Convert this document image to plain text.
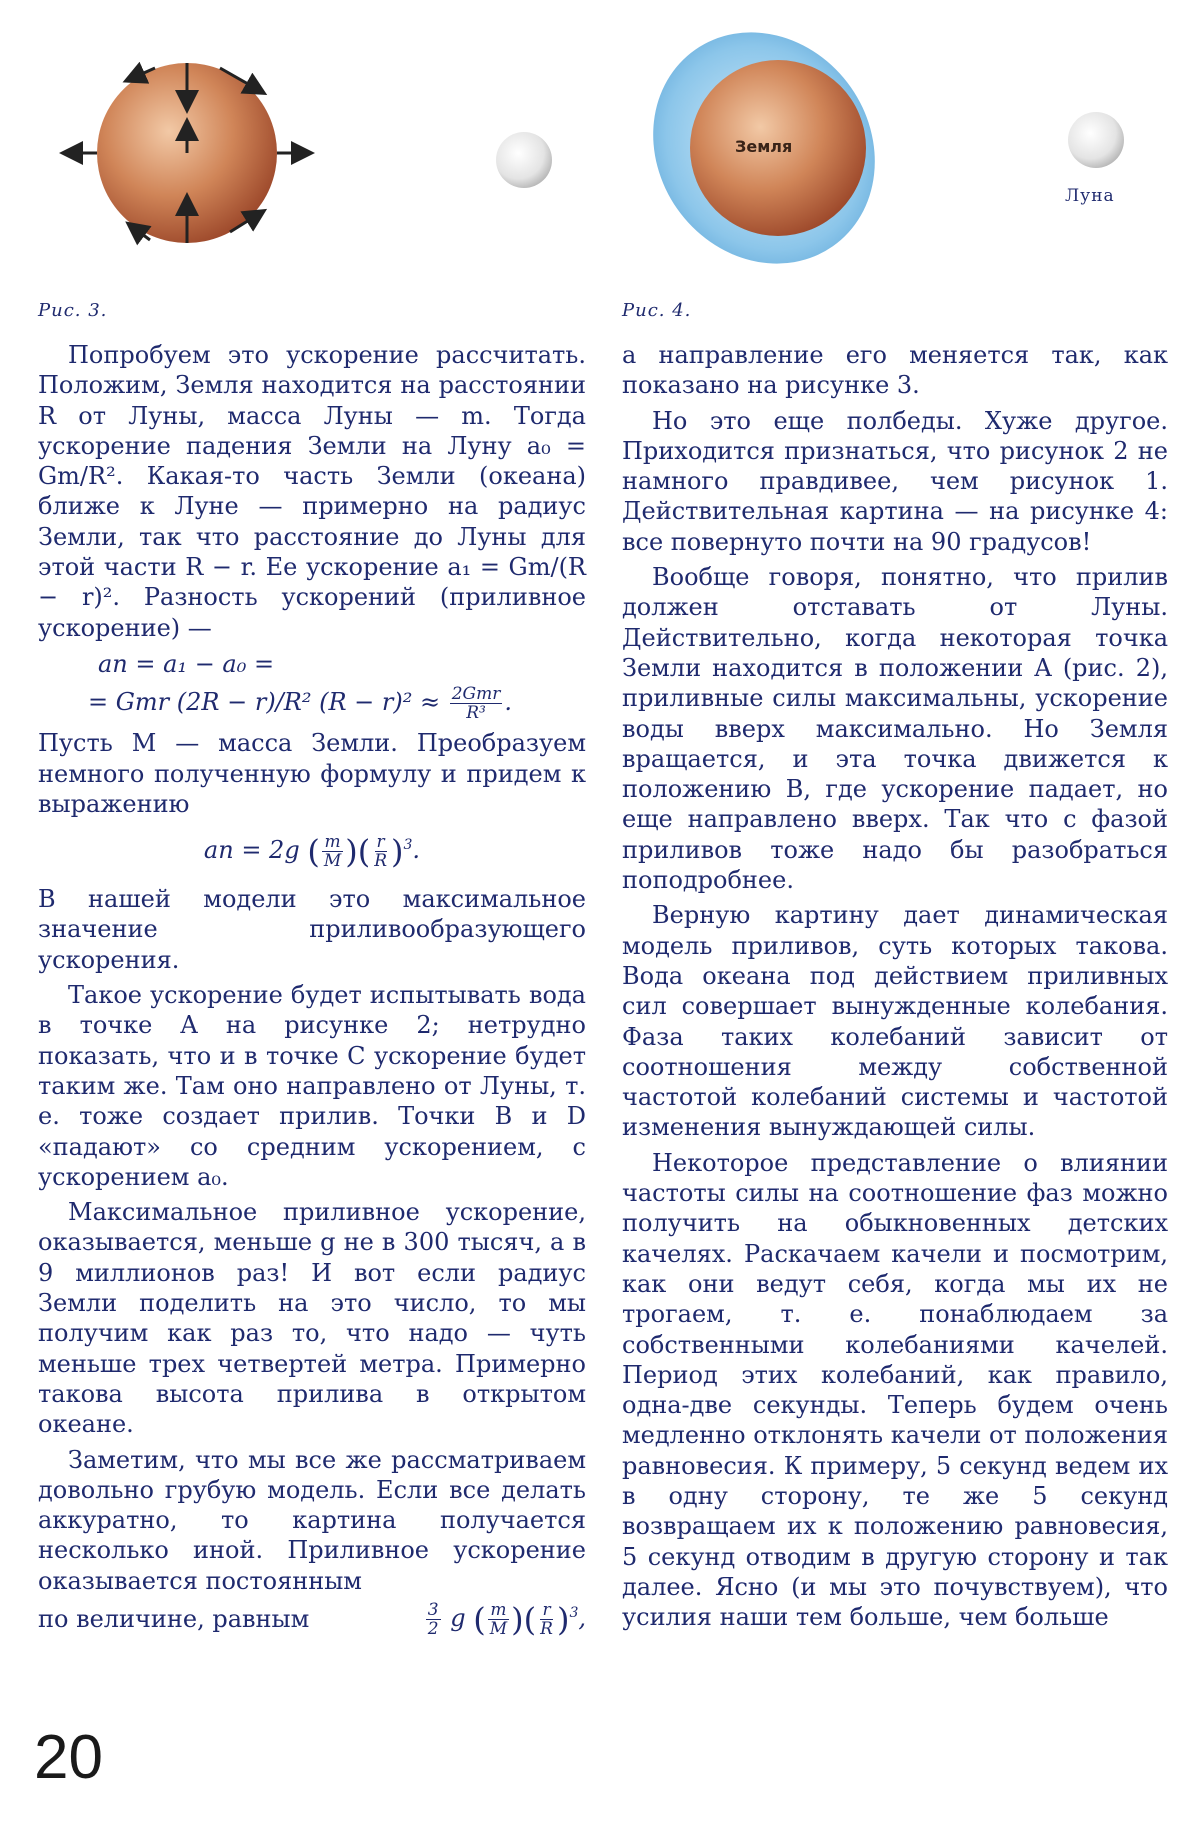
Земля
Луна
Рис. 3.	Рис. 4.

Попробуем это ускорение рассчитать. Положим, Земля находится на расстоянии R от Луны, масса Луны — m. Тогда ускорение падения Земли на Луну a₀ = Gm/R². Какая-то часть Земли (океана) ближе к Луне — примерно на радиус Земли, так что расстояние до Луны для этой части R − r. Ее ускорение a₁ = Gm/(R − r)². Разность ускорений (приливное ускорение) —

aп = a₁ − a₀ =
= Gmr (2R − r)/R² $(R - r)^2 \approx \frac{\text{2Gmr}}{\text{R³}}$ .

Пусть M — масса Земли. Преобразуем немного полученную формулу и придем к выражению

aп = 2g ( $\frac{m}{M}$ )( $\frac{r}{R} )^3$.

В нашей модели это максимальное значение приливообразующего ускорения.

Такое ускорение будет испытывать вода в точке A на рисунке 2; нетрудно показать, что и в точке C ускорение будет таким же. Там оно направлено от Луны, т. е. тоже создает прилив. Точки B и D «падают» со средним ускорением, с ускорением a₀.

Максимальное приливное ускорение, оказывается, меньше g не в 300 тысяч, а в 9 миллионов раз! И вот если радиус Земли поделить на это число, то мы получим как раз то, что надо — чуть меньше трех четвертей метра. Примерно такова высота прилива в открытом океане.

Заметим, что мы все же рассматриваем довольно грубую модель. Если все делать аккуратно, то картина получается несколько иной. Приливное ускорение оказывается постоянным

по величине, равным	$\frac{3}{2}$ g ( $\frac{m}{M}$ )( $\frac{r}{R} )^3$,

а направление его меняется так, как показано на рисунке 3.

Но это еще полбеды. Хуже другое. Приходится признаться, что рисунок 2 не намного правдивее, чем рисунок 1. Действительная картина — на рисунке 4: все повернуто почти на 90 градусов!

Вообще говоря, понятно, что прилив должен отставать от Луны. Действительно, когда некоторая точка Земли находится в положении A (рис. 2), приливные силы максимальны, ускорение воды вверх максимально. Но Земля вращается, и эта точка движется к положению B, где ускорение падает, но еще направлено вверх. Так что с фазой приливов тоже надо бы разобраться поподробнее.

Верную картину дает динамическая модель приливов, суть которых такова. Вода океана под действием приливных сил совершает вынужденные колебания. Фаза таких колебаний зависит от соотношения между собственной частотой колебаний системы и частотой изменения вынуждающей силы.

Некоторое представление о влиянии частоты силы на соотношение фаз можно получить на обыкновенных детских качелях. Раскачаем качели и посмотрим, как они ведут себя, когда мы их не трогаем, т. е. понаблюдаем за собственными колебаниями качелей. Период этих колебаний, как правило, одна-две секунды. Теперь будем очень медленно отклонять качели от положения равновесия. К примеру, 5 секунд ведем их в одну сторону, те же 5 секунд возвращаем их к положению равновесия, 5 секунд отводим в другую сторону и так далее. Ясно (и мы это почувствуем), что усилия наши тем больше, чем больше

20
